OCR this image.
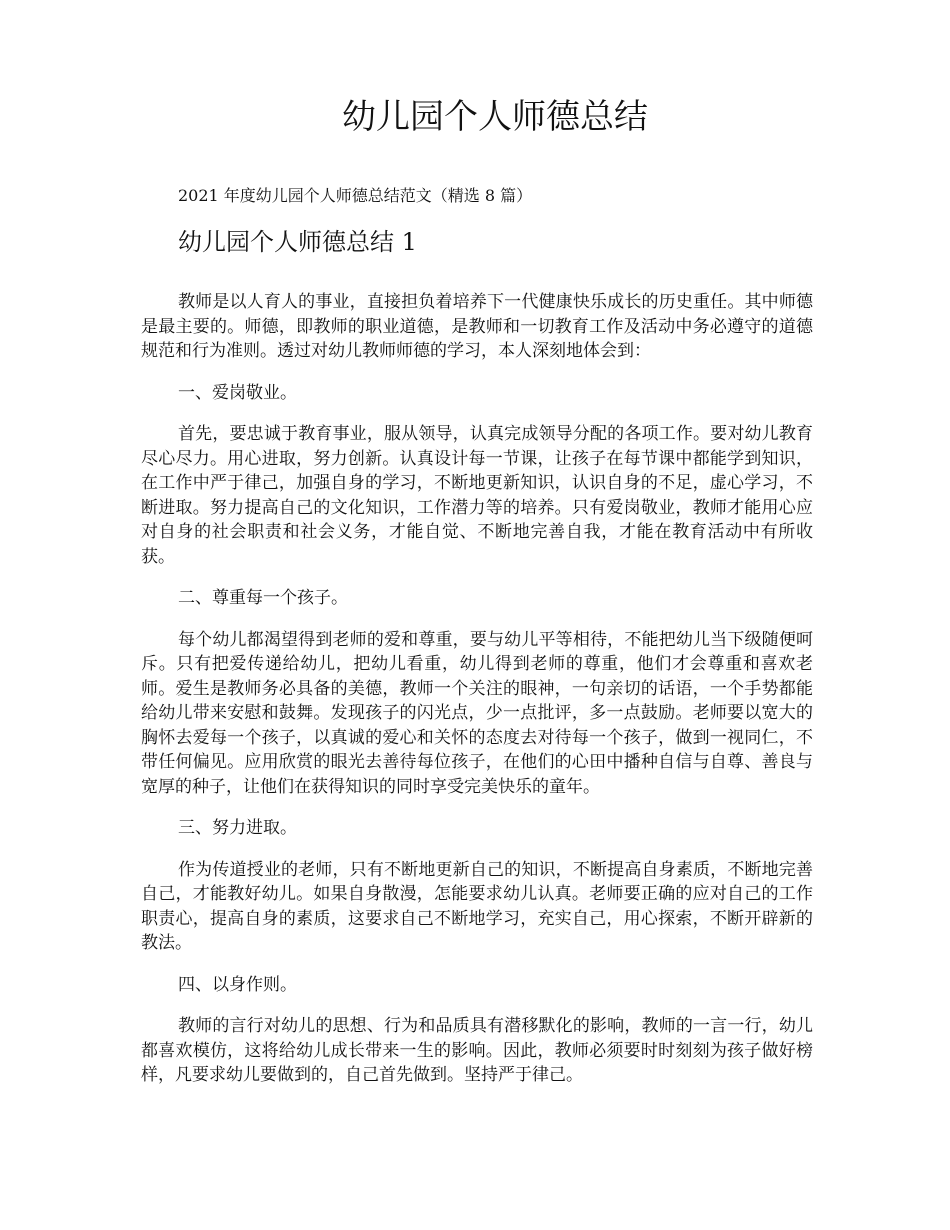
幼儿园个人师德总结
2021 年度幼儿园个人师德总结范文（精选 8 篇）
幼儿园个人师德总结 1

教师是以人育人的事业，直接担负着培养下一代健康快乐成长的历史重任。其中师德是最主要的。师德，即教师的职业道德，是教师和一切教育工作及活动中务必遵守的道德规范和行为准则。透过对幼儿教师师德的学习，本人深刻地体会到：

一、爱岗敬业。

首先，要忠诚于教育事业，服从领导，认真完成领导分配的各项工作。要对幼儿教育尽心尽力。用心进取，努力创新。认真设计每一节课，让孩子在每节课中都能学到知识，在工作中严于律己，加强自身的学习，不断地更新知识，认识自身的不足，虚心学习，不断进取。努力提高自己的文化知识，工作潜力等的培养。只有爱岗敬业，教师才能用心应对自身的社会职责和社会义务，才能自觉、不断地完善自我，才能在教育活动中有所收获。

二、尊重每一个孩子。

每个幼儿都渴望得到老师的爱和尊重，要与幼儿平等相待，不能把幼儿当下级随便呵斥。只有把爱传递给幼儿，把幼儿看重，幼儿得到老师的尊重，他们才会尊重和喜欢老师。爱生是教师务必具备的美德，教师一个关注的眼神，一句亲切的话语，一个手势都能给幼儿带来安慰和鼓舞。发现孩子的闪光点，少一点批评，多一点鼓励。老师要以宽大的胸怀去爱每一个孩子，以真诚的爱心和关怀的态度去对待每一个孩子，做到一视同仁，不带任何偏见。应用欣赏的眼光去善待每位孩子，在他们的心田中播种自信与自尊、善良与宽厚的种子，让他们在获得知识的同时享受完美快乐的童年。

三、努力进取。

作为传道授业的老师，只有不断地更新自己的知识，不断提高自身素质，不断地完善自己，才能教好幼儿。如果自身散漫，怎能要求幼儿认真。老师要正确的应对自己的工作职责心，提高自身的素质，这要求自己不断地学习，充实自己，用心探索，不断开辟新的教法。

四、以身作则。

教师的言行对幼儿的思想、行为和品质具有潜移默化的影响，教师的一言一行，幼儿都喜欢模仿，这将给幼儿成长带来一生的影响。因此，教师必须要时时刻刻为孩子做好榜样，凡要求幼儿要做到的，自己首先做到。坚持严于律己。
